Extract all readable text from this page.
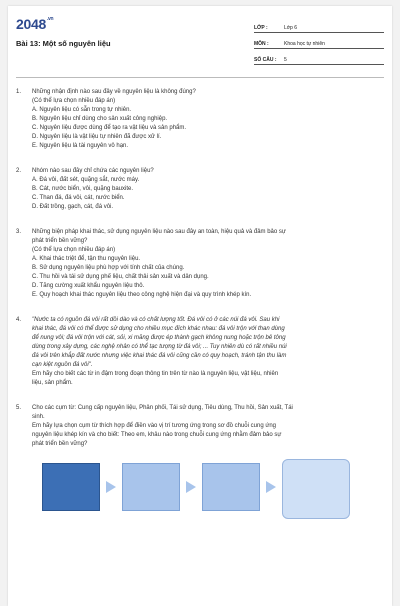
$2048^{.vn}$
Bài 13: Một số nguyên liệu
LỚP :	Lớp 6
MÔN :	Khoa học tự nhiên
SỐ CÂU :	5
1.	Những nhận định nào sau đây về nguyên liệu là không đúng?
(Có thể lựa chọn nhiều đáp án)
A. Nguyên liệu có sẵn trong tự nhiên.
B. Nguyên liệu chỉ dùng cho sản xuất công nghiệp.
C. Nguyên liệu được dùng để tạo ra vật liệu và sản phẩm.
D. Nguyên liệu là vật liệu tự nhiên đã được xử lí.
E. Nguyên liệu là tài nguyên vô hạn.
2.	Nhóm nào sau đây chỉ chứa các nguyên liệu?
A. Đá vôi, đất sét, quặng sắt, nước máy.
B. Cát, nước biển, vôi, quặng bauxite.
C. Than đá, đá vôi, cát, nước biển.
D. Đất trồng, gạch, cát, đá vôi.
3.	Những biện pháp khai thác, sử dụng nguyên liệu nào sau đây an toàn, hiệu quả và đảm bảo sự
phát triển bền vững?
(Có thể lựa chọn nhiều đáp án)
A. Khai thác triệt để, tận thu nguyên liệu.
B. Sử dụng nguyên liệu phù hợp với tính chất của chúng.
C. Thu hồi và tái sử dụng phế liệu, chất thải sản xuất và dân dụng.
D. Tăng cường xuất khẩu nguyên liệu thô.
E. Quy hoạch khai thác nguyên liệu theo công nghệ hiện đại và quy trình khép kín.
4.	"Nước ta có nguồn đá vôi rất dồi dào và có chất lượng tốt. Đá vôi có ở các núi đá vôi. Sau khi
khai thác, đá vôi có thể được sử dụng cho nhiều mục đích khác nhau: đá vôi trộn với than dùng
để nung vôi; đá vôi trộn với cát, sỏi, xi măng được ép thành gạch không nung hoặc trộn bê tông
dùng trong xây dựng, các nghệ nhân có thể tạc tượng từ đá vôi; ... Tuy nhiên dù có rất nhiều núi
đá vôi trên khắp đất nước nhưng việc khai thác đá vôi cũng cần có quy hoạch, tránh tận thu làm
cạn kiệt nguồn đá vôi".
Em hãy cho biết các từ in đậm trong đoạn thông tin trên từ nào là nguyên liệu, vật liệu, nhiên
liệu, sản phẩm.
5.	Cho các cụm từ: Cung cấp nguyên liệu, Phân phối, Tái sử dụng, Tiêu dùng, Thu hồi, Sản xuất, Tái
sinh.
Em hãy lựa chọn cụm từ thích hợp để điền vào vị trí tương ứng trong sơ đồ chuỗi cung ứng
nguyên liệu khép kín và cho biết: Theo em, khâu nào trong chuỗi cung ứng nhằm đảm bảo sự
phát triển bền vững?
